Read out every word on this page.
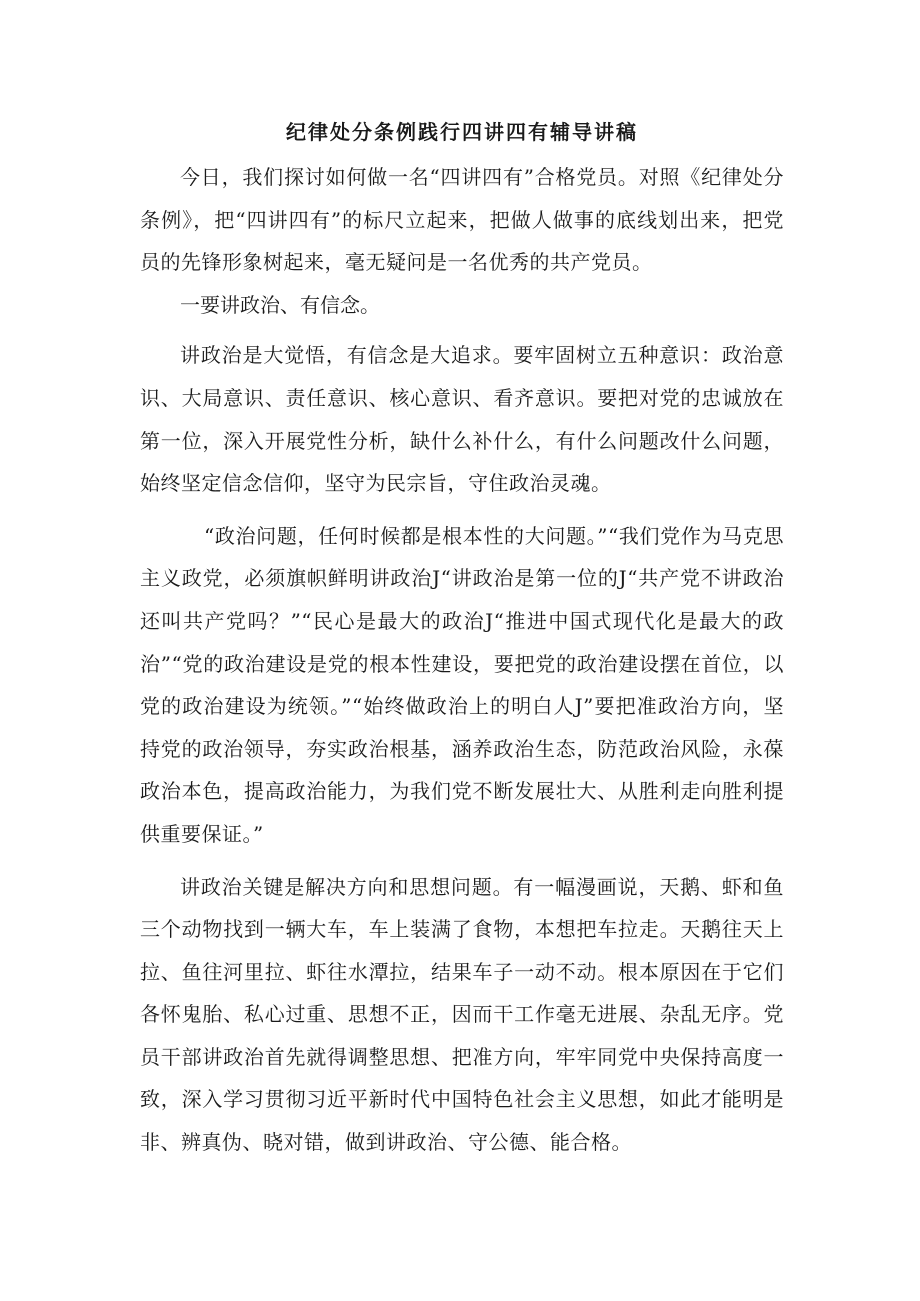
纪律处分条例践行四讲四有辅导讲稿

今日，我们探讨如何做一名“四讲四有”合格党员。对照《纪律处分条例》，把“四讲四有”的标尺立起来，把做人做事的底线划出来，把党员的先锋形象树起来，毫无疑问是一名优秀的共产党员。

一要讲政治、有信念。

讲政治是大觉悟，有信念是大追求。要牢固树立五种意识：政治意识、大局意识、责任意识、核心意识、看齐意识。要把对党的忠诚放在第一位，深入开展党性分析，缺什么补什么，有什么问题改什么问题，始终坚定信念信仰，坚守为民宗旨，守住政治灵魂。

“政治问题，任何时候都是根本性的大问题。”“我们党作为马克思主义政党，必须旗帜鲜明讲政治J“讲政治是第一位的J“共产党不讲政治还叫共产党吗？”“民心是最大的政治J“推进中国式现代化是最大的政治”“党的政治建设是党的根本性建设，要把党的政治建设摆在首位，以党的政治建设为统领。”“始终做政治上的明白人J”要把准政治方向，坚持党的政治领导，夯实政治根基，涵养政治生态，防范政治风险，永葆政治本色，提高政治能力，为我们党不断发展壮大、从胜利走向胜利提供重要保证。”

讲政治关键是解决方向和思想问题。有一幅漫画说，天鹅、虾和鱼三个动物找到一辆大车，车上装满了食物，本想把车拉走。天鹅往天上拉、鱼往河里拉、虾往水潭拉，结果车子一动不动。根本原因在于它们各怀鬼胎、私心过重、思想不正，因而干工作毫无进展、杂乱无序。党员干部讲政治首先就得调整思想、把准方向，牢牢同党中央保持高度一致，深入学习贯彻习近平新时代中国特色社会主义思想，如此才能明是非、辨真伪、晓对错，做到讲政治、守公德、能合格。
